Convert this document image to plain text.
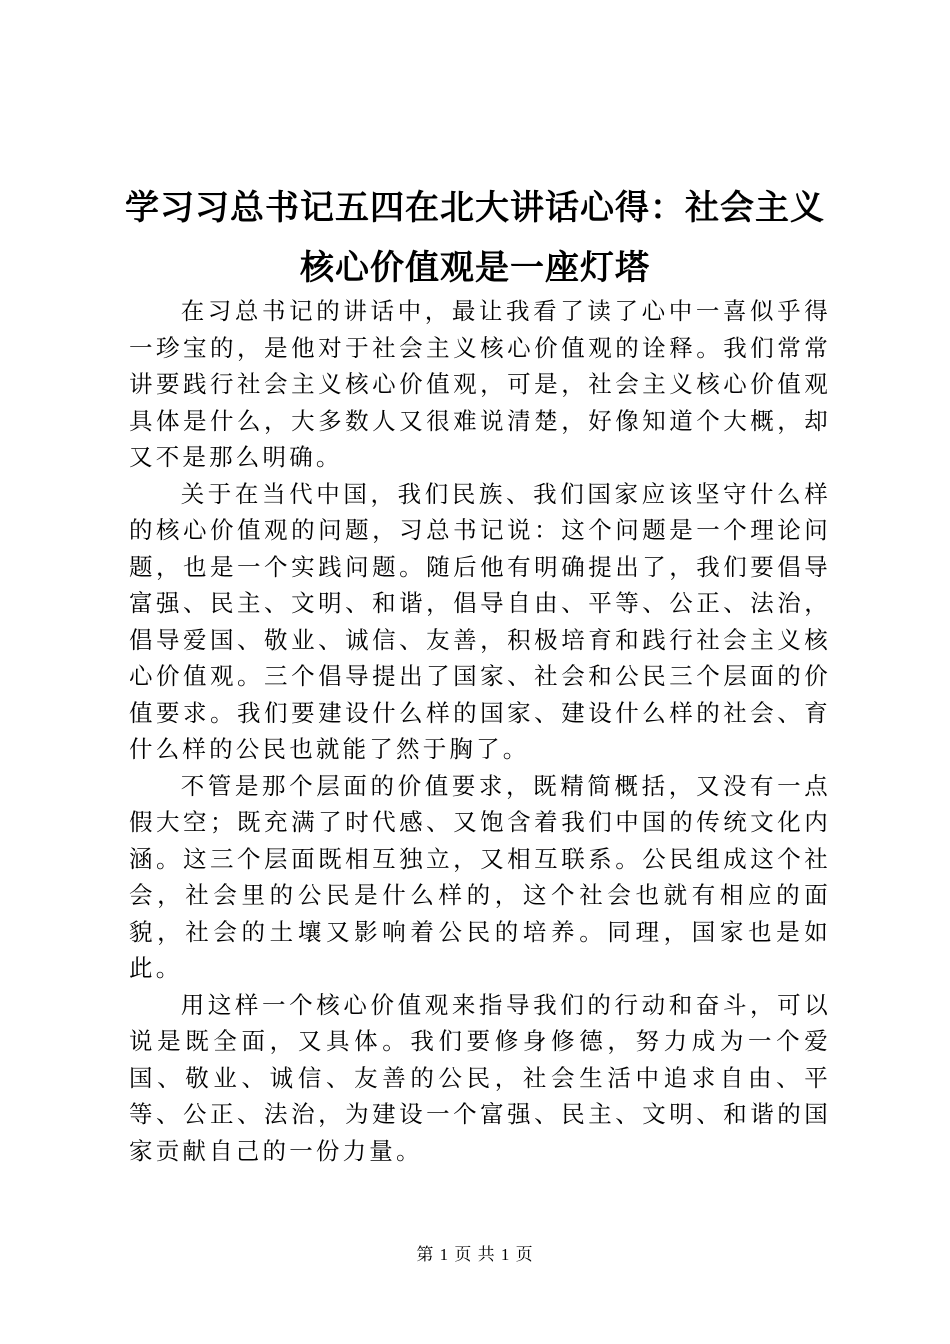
学习习总书记五四在北大讲话心得：社会主义
核心价值观是一座灯塔

在习总书记的讲话中，最让我看了读了心中一喜似乎得一珍宝的，是他对于社会主义核心价值观的诠释。我们常常讲要践行社会主义核心价值观，可是，社会主义核心价值观具体是什么，大多数人又很难说清楚，好像知道个大概，却又不是那么明确。

关于在当代中国，我们民族、我们国家应该坚守什么样的核心价值观的问题，习总书记说：这个问题是一个理论问题，也是一个实践问题。随后他有明确提出了，我们要倡导富强、民主、文明、和谐，倡导自由、平等、公正、法治，倡导爱国、敬业、诚信、友善，积极培育和践行社会主义核心价值观。三个倡导提出了国家、社会和公民三个层面的价值要求。我们要建设什么样的国家、建设什么样的社会、育什么样的公民也就能了然于胸了。

不管是那个层面的价值要求，既精简概括，又没有一点假大空；既充满了时代感、又饱含着我们中国的传统文化内涵。这三个层面既相互独立，又相互联系。公民组成这个社会，社会里的公民是什么样的，这个社会也就有相应的面貌，社会的土壤又影响着公民的培养。同理，国家也是如此。

用这样一个核心价值观来指导我们的行动和奋斗，可以说是既全面，又具体。我们要修身修德，努力成为一个爱国、敬业、诚信、友善的公民，社会生活中追求自由、平等、公正、法治，为建设一个富强、民主、文明、和谐的国家贡献自己的一份力量。

第 1 页 共 1 页
